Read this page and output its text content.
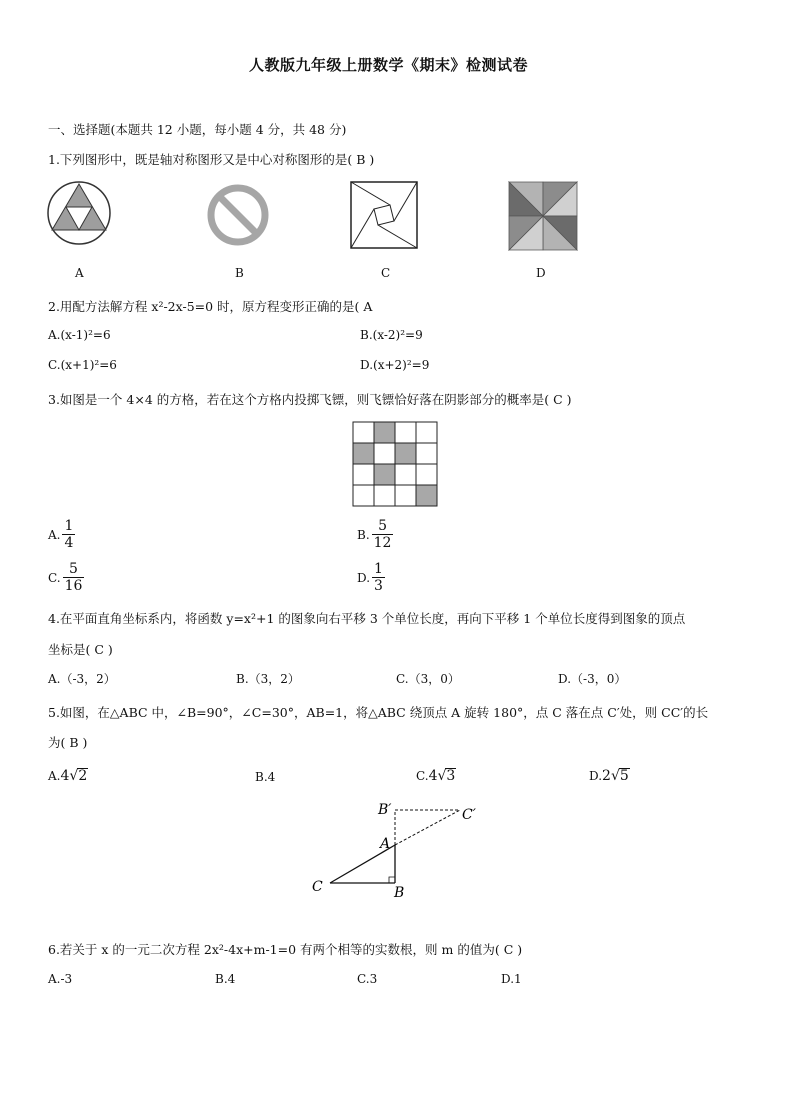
人教版九年级上册数学《期末》检测试卷
一、选择题(本题共 12 小题，每小题 4 分，共 48 分)
1.下列图形中，既是轴对称图形又是中心对称图形的是( B )
A	B	C	D
2.用配方法解方程 x²-2x-5=0 时，原方程变形正确的是( A
A.(x-1)²=6	B.(x-2)²=9
C.(x+1)²=6	D.(x+2)²=9
3.如图是一个 4×4 的方格，若在这个方格内投掷飞镖，则飞镖恰好落在阴影部分的概率是( C )
A. $\frac{1}{4}$	B. $\frac{5}{12}$
C. $\frac{5}{16}$	D. $\frac{1}{3}$
4.在平面直角坐标系内，将函数 y=x²+1 的图象向右平移 3 个单位长度，再向下平移 1 个单位长度得到图象的顶点
坐标是( C )
A.（-3，2）	B.（3，2）	C.（3，0）	D.（-3，0）
5.如图，在△ABC 中，∠B=90°，∠C=30°，AB=1，将△ABC 绕顶点 A 旋转 180°，点 C 落在点 C′处，则 CC′的长
为( B )
A.4√2	B.4	C.4√3	D.2√5
B′	C′
A
C	B
6.若关于 x 的一元二次方程 2x²-4x+m-1=0 有两个相等的实数根，则 m 的值为( C )
A.-3	B.4	C.3	D.1
